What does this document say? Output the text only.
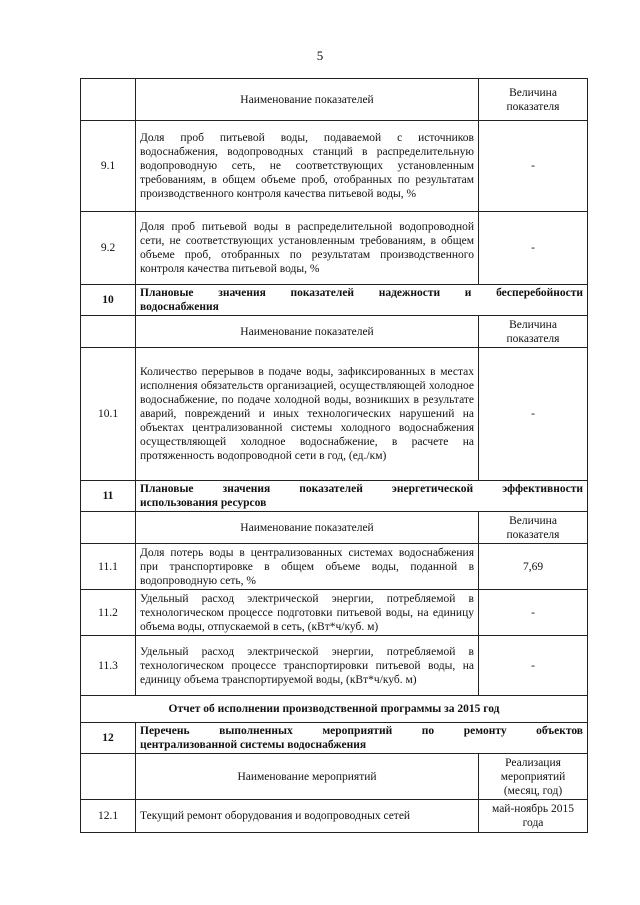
5
	Наименование показателей	Величина показателя
9.1	Доля проб питьевой воды, подаваемой с источников водоснабжения, водопроводных станций в распределительную водопроводную сеть, не соответствующих установленным требованиям, в общем объеме проб, отобранных по результатам производственного контроля качества питьевой воды, %	-
9.2	Доля проб питьевой воды в распределительной водопроводной сети, не соответствующих установленным требованиям, в общем объеме проб, отобранных по результатам производственного контроля качества питьевой воды, %	-
10	Плановые значения показателей надежности и бесперебойности
водоснабжения	

	Наименование показателей	Величина показателя
10.1	Количество перерывов в подаче воды, зафиксированных в местах исполнения обязательств организацией, осуществляющей холодное водоснабжение, по подаче холодной воды, возникших в результате аварий, повреждений и иных технологических нарушений на объектах централизованной системы холодного водоснабжения осуществляющей холодное водоснабжение, в расчете на протяженность водопроводной сети в год, (ед./км)	-
11	Плановые значения показателей энергетической эффективности
использования ресурсов	

	Наименование показателей	Величина показателя
11.1	Доля потерь воды в централизованных системах водоснабжения при транспортировке в общем объеме воды, поданной в водопроводную сеть, %	7,69
11.2	Удельный расход электрической энергии, потребляемой в технологическом процессе подготовки питьевой воды, на единицу объема воды, отпускаемой в сеть, (кВт*ч/куб. м)	-
11.3	Удельный расход электрической энергии, потребляемой в технологическом процессе транспортировки питьевой воды, на единицу объема транспортируемой воды, (кВт*ч/куб. м)	-
Отчет об исполнении производственной программы за 2015 год		
12	Перечень выполненных мероприятий по ремонту объектов
централизованной системы водоснабжения	

	Наименование мероприятий	Реализация мероприятий (месяц, год)
12.1	Текущий ремонт оборудования и водопроводных сетей	май-ноябрь 2015 года
